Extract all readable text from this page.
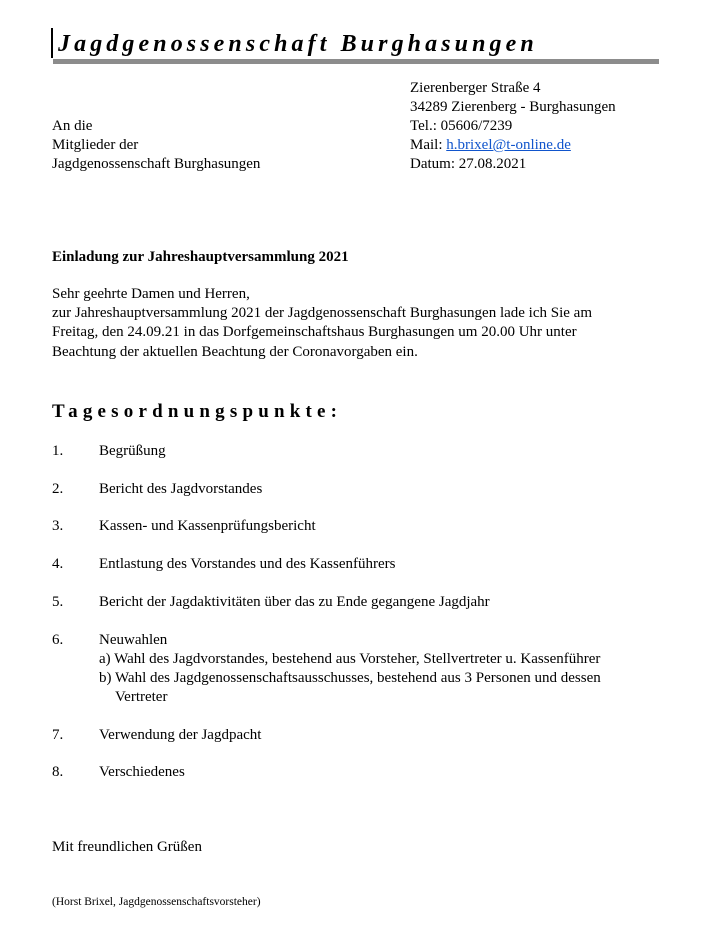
Jagdgenossenschaft Burghasungen
Zierenberger Straße 4
34289 Zierenberg - Burghasungen
Tel.: 05606/7239
Mail: h.brixel@t-online.de
Datum: 27.08.2021
An die
Mitglieder der
Jagdgenossenschaft Burghasungen
Einladung zur Jahreshauptversammlung 2021
Sehr geehrte Damen und Herren,
zur Jahreshauptversammlung 2021 der Jagdgenossenschaft Burghasungen lade ich Sie am
Freitag, den 24.09.21 in das Dorfgemeinschaftshaus Burghasungen um 20.00 Uhr unter
Beachtung der aktuellen Beachtung der Coronavorgaben ein.
Tagesordnungspunkte:
1. Begrüßung
2. Bericht des Jagdvorstandes
3. Kassen- und Kassenprüfungsbericht
4. Entlastung des Vorstandes und des Kassenführers
5. Bericht der Jagdaktivitäten über das zu Ende gegangene Jagdjahr
6. Neuwahlen
a) Wahl des Jagdvorstandes, bestehend aus Vorsteher, Stellvertreter u. Kassenführer
b) Wahl des Jagdgenossenschaftsausschusses, bestehend aus 3 Personen und dessen
Vertreter
7. Verwendung der Jagdpacht
8. Verschiedenes
Mit freundlichen Grüßen
(Horst Brixel, Jagdgenossenschaftsvorsteher)
